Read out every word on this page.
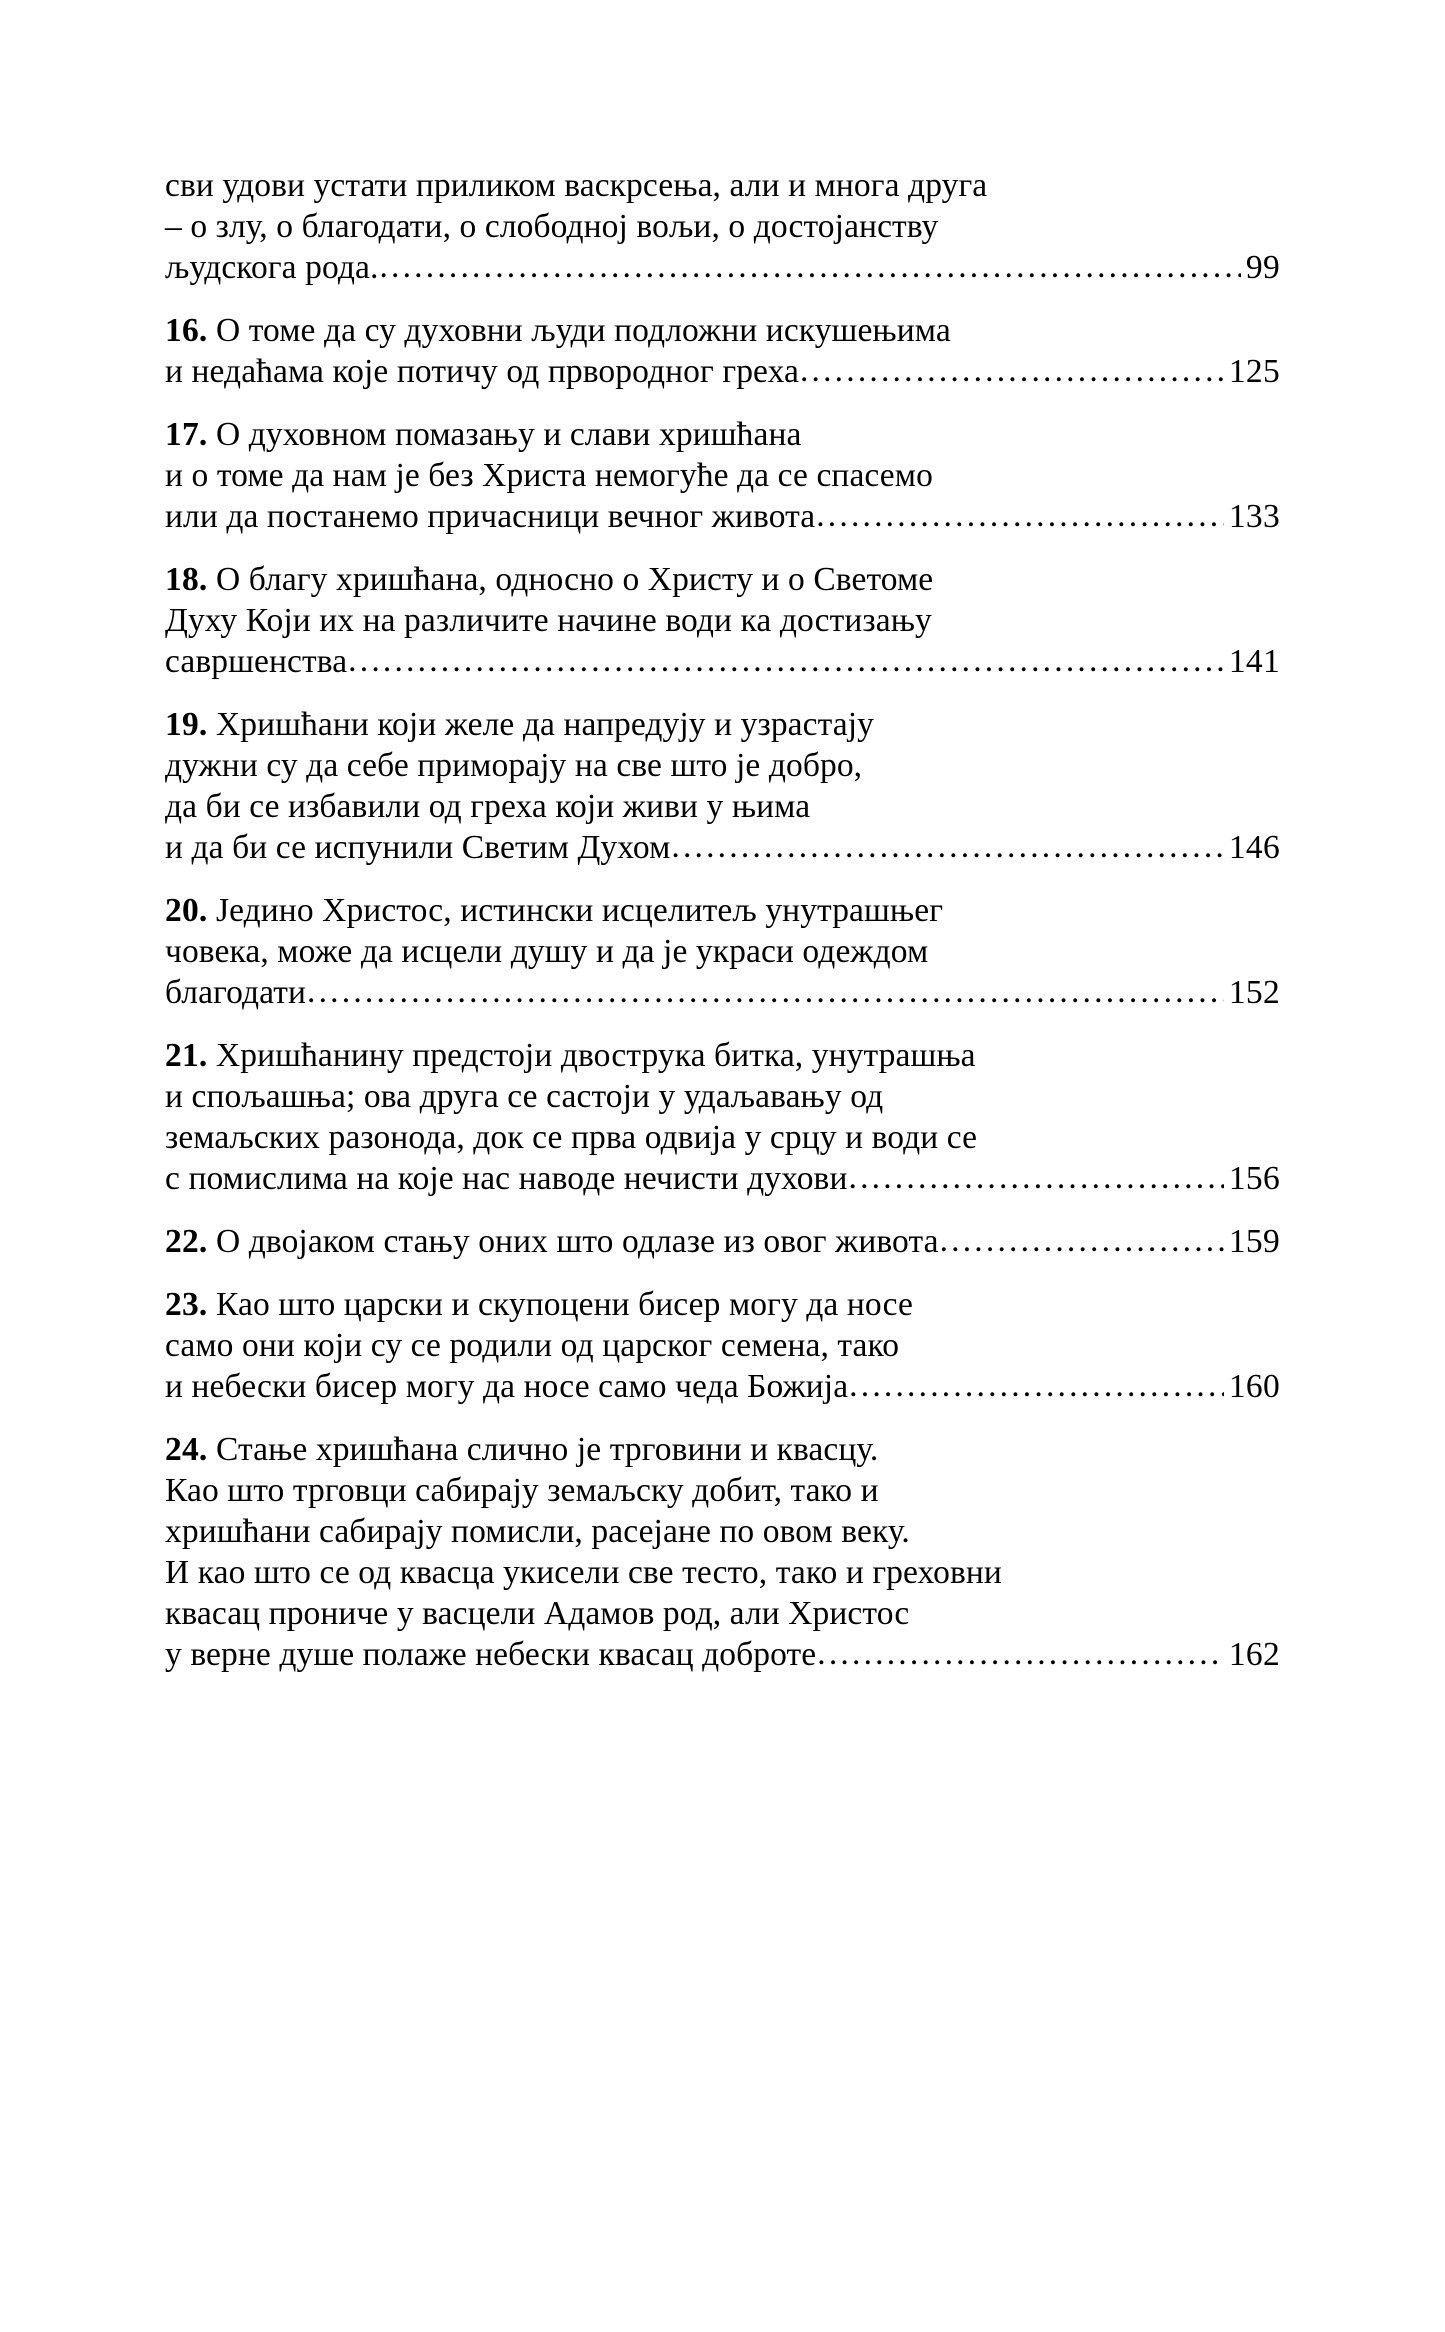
сви удови устати приликом васкрсења, али и многа друга
– о злу, о благодати, о слободној вољи, о достојанству
људскога рода. .....	99
16. О томе да су духовни људи подложни искушењима
и недаћама које потичу од првородног греха .....	125
17. О духовном помазању и слави хришћана
и о томе да нам је без Христа немогуће да се спасемо
или да постанемо причасници вечног живота .....	133
18. О благу хришћана, односно о Христу и о Светоме
Духу Који их на различите начине води ка достизању
савршенства .....	141
19. Хришћани који желе да напредују и узрастају
дужни су да себе приморају на све што је добро,
да би се избавили од греха који живи у њима
и да би се испунили Светим Духом .....	146
20. Једино Христос, истински исцелитељ унутрашњег
човека, може да исцели душу и да је украси одеждом
благодати .....	152
21. Хришћанину предстоји двострука битка, унутрашња
и спољашња; ова друга се састоји у удаљавању од
земаљских разонода, док се прва одвија у срцу и води се
с помислима на које нас наводе нечисти духови .....	156
22. О двојаком стању оних што одлазе из овог живота .....	159
23. Као што царски и скупоцени бисер могу да носе
само они који су се родили од царског семена, тако
и небески бисер могу да носе само чеда Божија .....	160
24. Стање хришћана слично је трговини и квасцу.
Као што трговци сабирају земаљску добит, тако и
хришћани сабирају помисли, расејане по овом веку.
И као што се од квасца укисели све тесто, тако и греховни
квасац прониче у васцели Адамов род, али Христос
у верне душе полаже небески квасац доброте .....	162
